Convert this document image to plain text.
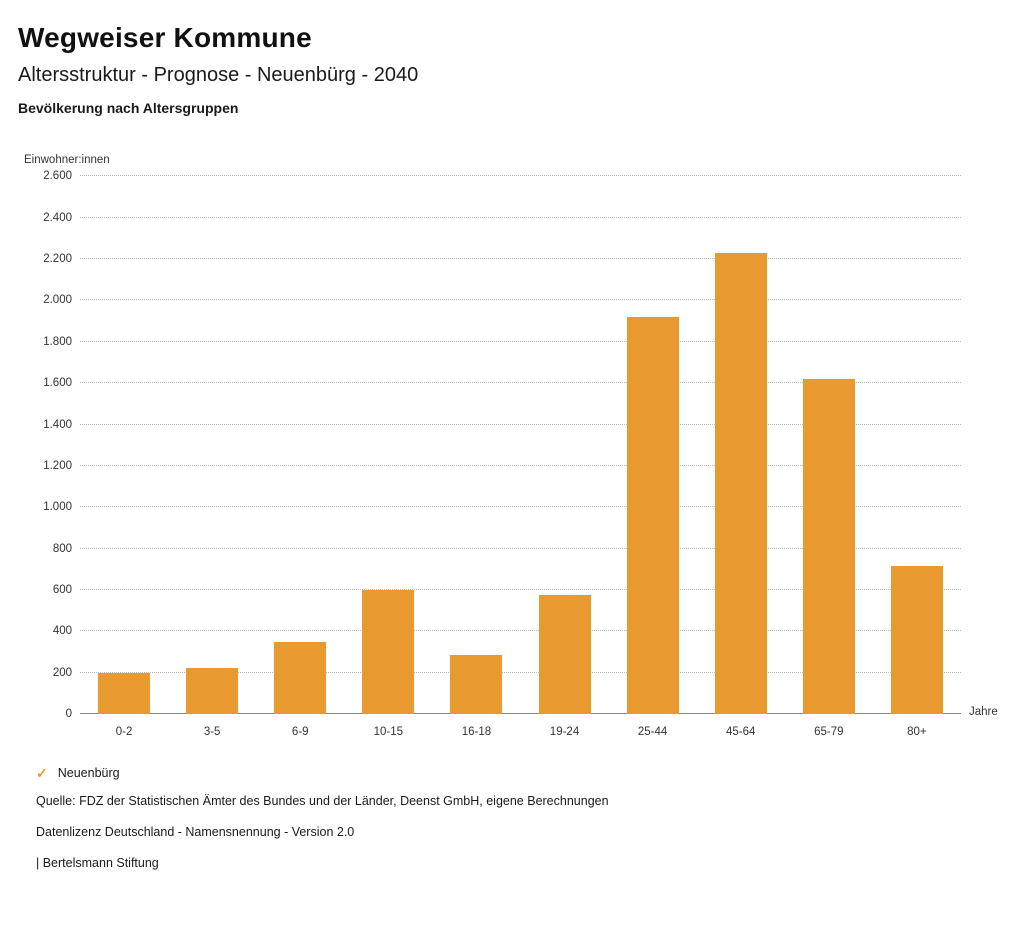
Wegweiser Kommune
Altersstruktur - Prognose - Neuenbürg - 2040
Bevölkerung nach Altersgruppen

Einwohner:innen

0
200
400
600
800
1.000
1.200
1.400
1.600
1.800
2.000
2.200
2.400
2.600
0-2	3-5	6-9	10-15	16-18	19-24	25-44	45-64	65-79	80+
Jahre
✓ Neuenbürg

Quelle: FDZ der Statistischen Ämter des Bundes und der Länder, Deenst GmbH, eigene Berechnungen

Datenlizenz Deutschland - Namensnennung - Version 2.0

| Bertelsmann Stiftung
